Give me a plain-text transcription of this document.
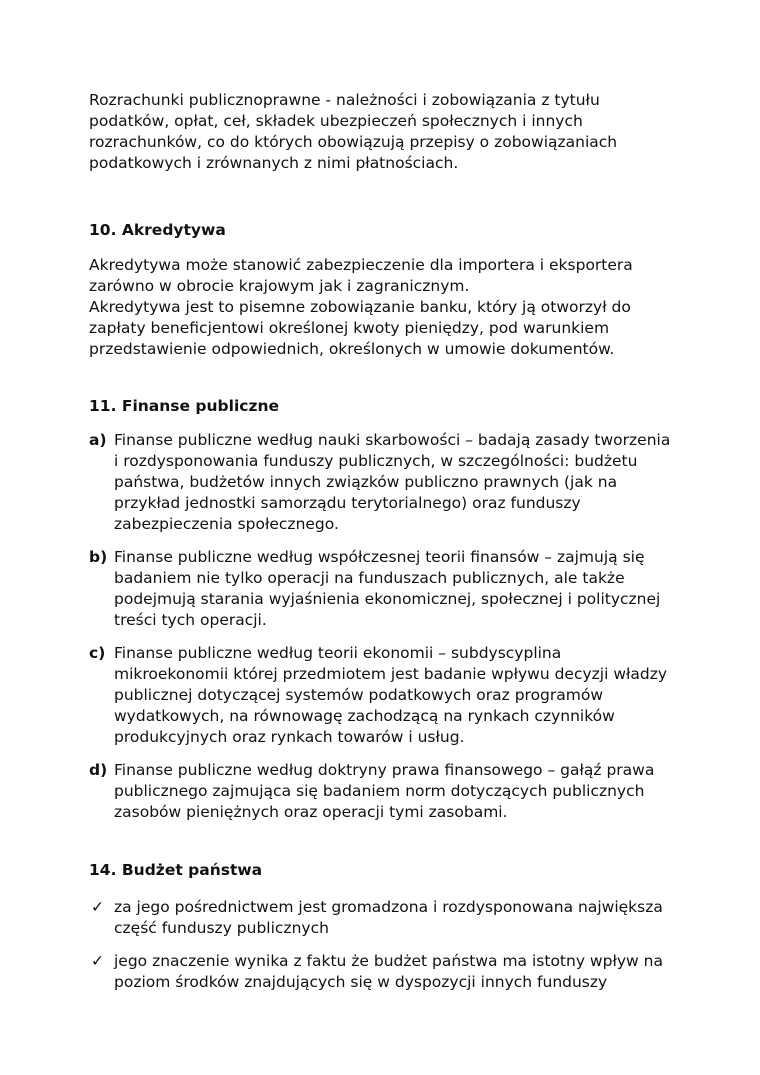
Rozrachunki publicznoprawne - należności i zobowiązania z tytułu
podatków, opłat, ceł, składek ubezpieczeń społecznych i innych
rozrachunków, co do których obowiązują przepisy o zobowiązaniach
podatkowych i zrównanych z nimi płatnościach.

10. Akredytywa

Akredytywa może stanowić zabezpieczenie dla importera i eksportera
zarówno w obrocie krajowym jak i zagranicznym.
Akredytywa jest to pisemne zobowiązanie banku, który ją otworzył do
zapłaty beneficjentowi określonej kwoty pieniędzy, pod warunkiem
przedstawienie odpowiednich, określonych w umowie dokumentów.

11. Finanse publiczne
a) Finanse publiczne według nauki skarbowości – badają zasady tworzenia
i rozdysponowania funduszy publicznych, w szczególności: budżetu
państwa, budżetów innych związków publiczno prawnych (jak na
przykład jednostki samorządu terytorialnego) oraz funduszy
zabezpieczenia społecznego.
b) Finanse publiczne według współczesnej teorii finansów – zajmują się
badaniem nie tylko operacji na funduszach publicznych, ale także
podejmują starania wyjaśnienia ekonomicznej, społecznej i politycznej
treści tych operacji.
c) Finanse publiczne według teorii ekonomii – subdyscyplina
mikroekonomii której przedmiotem jest badanie wpływu decyzji władzy
publicznej dotyczącej systemów podatkowych oraz programów
wydatkowych, na równowagę zachodzącą na rynkach czynników
produkcyjnych oraz rynkach towarów i usług.
d) Finanse publiczne według doktryny prawa finansowego – gałąź prawa
publicznego zajmująca się badaniem norm dotyczących publicznych
zasobów pieniężnych oraz operacji tymi zasobami.
14. Budżet państwa
✓ za jego pośrednictwem jest gromadzona i rozdysponowana największa
część funduszy publicznych
✓ jego znaczenie wynika z faktu że budżet państwa ma istotny wpływ na
poziom środków znajdujących się w dyspozycji innych funduszy
